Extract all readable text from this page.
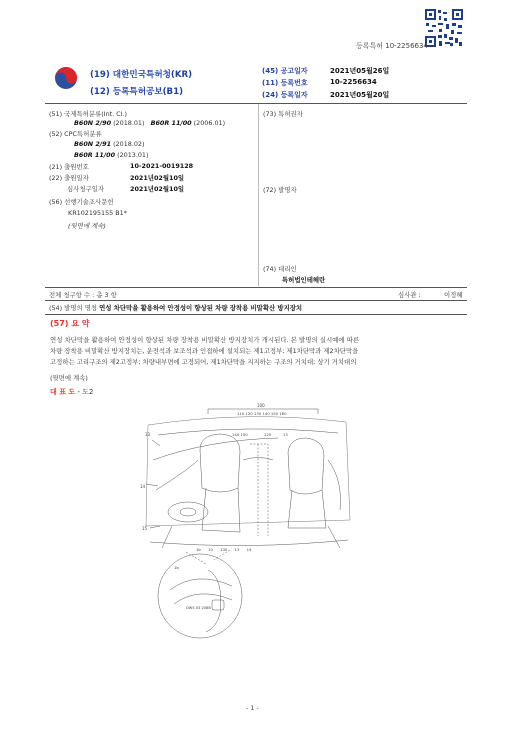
등록특허 10-2256634
(19) 대한민국특허청(KR)
(12) 등록특허공보(B1)
(45) 공고일자	2021년05월26일
(11) 등록번호	10-2256634
(24) 등록일자	2021년05월20일
(51) 국제특허분류(Int. Cl.)
B60N 2/90 (2018.01) B60R 11/00 (2006.01)
(52) CPC특허분류
B60N 2/91 (2018.02)
B60R 11/00 (2013.01)
(21) 출원번호	10-2021-0019128
(22) 출원일자	2021년02월10일
심사청구일자	2021년02월10일
(56) 선행기술조사문헌
KR102195155 B1*
(뒷면에 계속)
(73) 특허권자
(72) 발명자
(74) 대리인
특허법인테헤란
전체 청구항 수 : 총 3 항	심사관 :	이정혜
(54) 발명의 명칭 연성 차단막을 활용하여 안정성이 향상된 차량 장착용 비말확산 방지장치
(57) 요 약
연성 차단막을 활용하여 안정성이 향상된 차량 장착용 비말확산 방지장치가 개시된다. 본 발명의 실시예에 따른
차량 장착용 비말확산 방지장치는, 운전석과 보조석과 인접하에 설치되는 제1고정부; 제1차단막과 제2차단막을
고정하는 고리구조의 제2고정부; 차량내부면에 고정되어, 제1차단막을 지지하는 구조의 거치대; 상기 거치대의
(뒷면에 계속)
대 표 도 - 도2
100
110 120 130 140 150 160
13
14
15
140 150	120	13
1b 10 130 13 15
1b
DWS 03 208B
- 1 -
